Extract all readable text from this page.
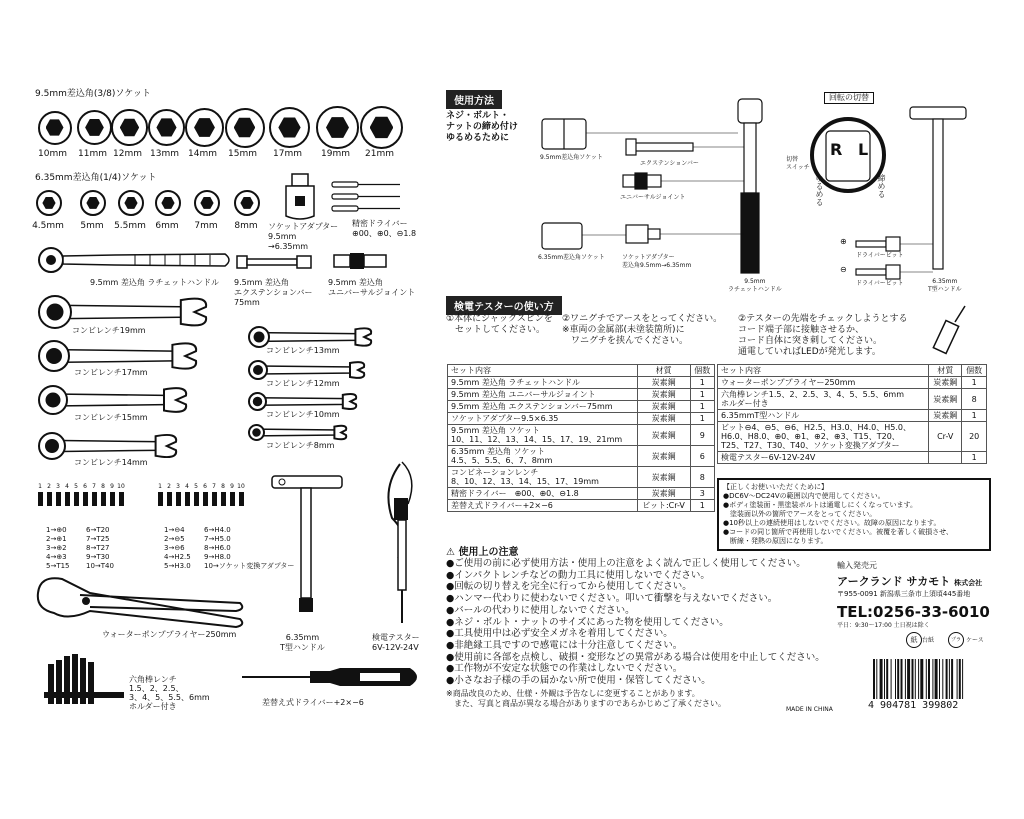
9.5mm差込角(3/8)ソケット
6.35mm差込角(1/4)ソケット
ソケットアダプター
9.5mm
→6.35mm
精密ドライバー
⊕00、⊕0、⊖1.8
9.5mm 差込角 ラチェットハンドル 9.5mm 差込角
エクステンションバー
75mm
9.5mm 差込角
ユニバーサルジョイント
1 2 3 4 5 6 7 8 9 10	1 2 3 4 5 6 7 8 9 10
1→⊕0
2→⊕1
3→⊕2
4→⊕3
5→T15
6→T20
7→T25
8→T27
9→T30
10→T40
1→⊖4
2→⊖5
3→⊖6
4→H2.5
5→H3.0
6→H4.0
7→H5.0
8→H6.0
9→H8.0
10→ソケット変換アダプター
6.35mm
T型ハンドル
検電テスター
6V-12V-24V
ウォーターポンププライヤー250mm
六角棒レンチ
1.5、2、2.5、
3、4、5、5.5、6mm
ホルダー付き	差替え式ドライバー+2×−6
使用方法
ネジ・ボルト・
ナットの締め付け
ゆるめるために
9.5mm差込角ソケット
エクステンションバー
ユニバーサルジョイント
6.35mm差込角ソケット	ソケットアダプター
差込角9.5mm→6.35mm
9.5mm
ラチェットハンドル
切替
スイッチ
回転の切替
R L
ゆるめる	締める
⊕
⊖
ドライバービット
ドライバービット	6.35mm
T型ハンドル
検電テスターの使い方
①本体にジャックスピンを
　セットしてください。
②ワニグチでアースをとってください。
※車両の金属部(未塗装箇所)に
　ワニグチを挟んでください。
②テスターの先端をチェックしようとする
コード端子部に接触させるか、
コード自体に突き刺してください。
通電していればLEDが発光します。
セット内容	材質	個数
9.5mm 差込角 ラチェットハンドル	炭素鋼	1
9.5mm 差込角 ユニバーサルジョイント	炭素鋼	1
9.5mm 差込角 エクステンションバー75mm	炭素鋼	1
ソケットアダプター9.5×6.35	炭素鋼	1
9.5mm 差込角 ソケット
10、11、12、13、14、15、17、19、21mm	炭素鋼	9
6.35mm 差込角 ソケット
4.5、5、5.5、6、7、8mm	炭素鋼	6
コンビネーションレンチ
8、10、12、13、14、15、17、19mm	炭素鋼	8
精密ドライバー　⊕00、⊕0、⊖1.8	炭素鋼	3
差替え式ドライバー+2×−6	ビット:Cr-V	1
セット内容	材質	個数
ウォーターポンププライヤー250mm	炭素鋼	1
六角棒レンチ1.5、2、2.5、3、4、5、5.5、6mm
ホルダー付き	炭素鋼	8
6.35mmT型ハンドル	炭素鋼	1
ビット⊖4、⊖5、⊖6、H2.5、H3.0、H4.0、H5.0、
H6.0、H8.0、⊕0、⊕1、⊕2、⊕3、T15、T20、
T25、T27、T30、T40、ソケット変換アダプター	Cr-V	20
検電テスター6V-12V-24V		1
【正しくお使いいただくために】
●DC6V〜DC24Vの範囲以内で使用してください。
●ボディ塗装面・黒塗装ボルトは通電しにくくなっています。
　塗装面以外の箇所でアースをとってください。
●10秒以上の連続使用はしないでください。故障の原因になります。
●コードの同じ箇所で再使用しないでください。被覆を著しく破損させ、
　断線・発熱の原因になります。
⚠ 使用上の注意
●ご使用の前に必ず使用方法・使用上の注意をよく読んで正しく使用してください。
●インパクトレンチなどの動力工具に使用しないでください。
●回転の切り替えを完全に行ってから使用してください。
●ハンマー代わりに使わないでください。叩いて衝撃を与えないでください。
●バールの代わりに使用しないでください。
●ネジ・ボルト・ナットのサイズにあった物を使用してください。
●工具使用中は必ず安全メガネを着用してください。
●非絶縁工具ですので感電には十分注意してください。
●使用前に各部を点検し、破損・変形などの異常がある場合は使用を中止してください。
●工作物が不安定な状態での作業はしないでください。
●小さなお子様の手の届かない所で使用・保管してください。
※商品改良のため、仕様・外観は予告なしに変更することがあります。
　また、写真と商品が異なる場合がありますのであらかじめご了承ください。
MADE IN CHINA
輸入発売元
アークランド サカモト 株式会社
〒955-0091 新潟県三条市上須頃445番地
TEL:0256-33-6010
平日：9:30〜17:00 土日祝は除く
紙 台紙	プラ ケース
4 904781 399802
10mm	11mm 12mm 13mm	14mm	15mm	17mm	19mm	21mm
4.5mm	5mm	5.5mm	6mm	7mm	8mm
コンビレンチ19mm
コンビレンチ17mm
コンビレンチ15mm
コンビレンチ14mm
コンビレンチ13mm
コンビレンチ12mm
コンビレンチ10mm
コンビレンチ8mm
